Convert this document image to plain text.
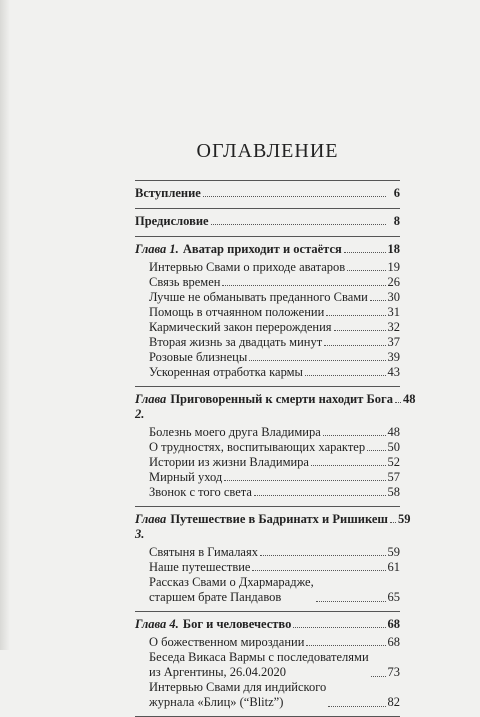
ОГЛАВЛЕНИЕ
Вступление	6
Предисловие	8
Глава 1. Аватар приходит и остаётся	18
Интервью Свами о приходе аватаров	19
Связь времен	26
Лучше не обманывать преданного Свами 30
Помощь в отчаянном положении	31
Кармический закон перерождения	32
Вторая жизнь за двадцать минут	37
Розовые близнецы	39
Ускоренная отработка кармы	43
Глава 2.
Приговоренный к смерти находит Бога 48
Болезнь моего друга Владимира	48
О трудностях, воспитывающих характер 50
Истории из жизни Владимира	52
Мирный уход	57
Звонок с того света	58
Глава 3.
Путешествие в Бадринатх и Ришикеш 59
Святыня в Гималаях	59
Наше путешествие	61
Рассказ Свами о Дхармарадже,
старшем брате Пандавов	65
Глава 4. Бог и человечество	68
О божественном мироздании	68
Беседа Викаса Вармы с последователями
из Аргентины, 26.04.2020	73
Интервью Свами для индийского
журнала «Блиц» (“Blitz”)	82
